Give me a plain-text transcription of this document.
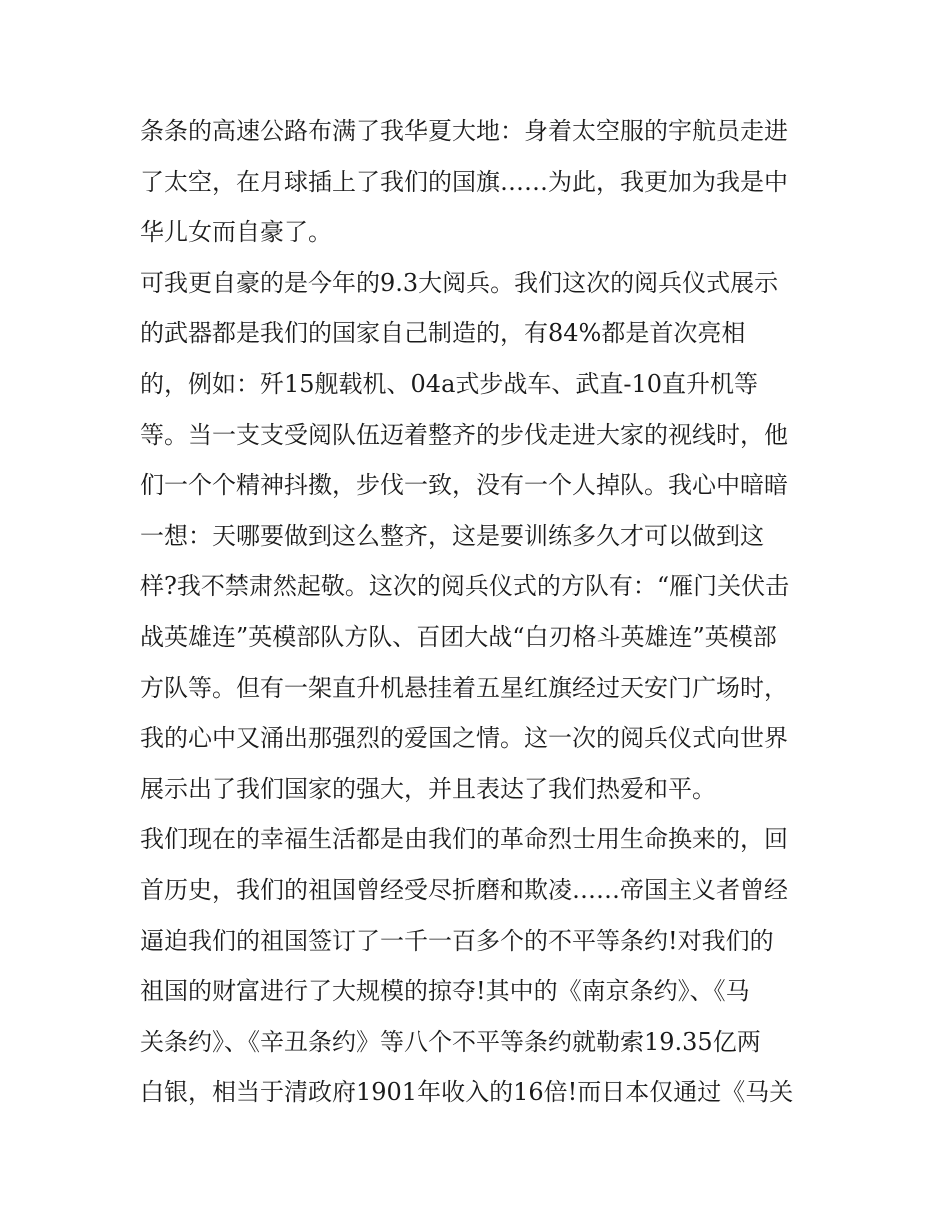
条条的高速公路布满了我华夏大地：身着太空服的宇航员走进
了太空，在月球插上了我们的国旗……为此，我更加为我是中
华儿女而自豪了。
可我更自豪的是今年的9.3大阅兵。我们这次的阅兵仪式展示
的武器都是我们的国家自己制造的，有84%都是首次亮相
的，例如：歼15舰载机、04a式步战车、武直-10直升机等
等。当一支支受阅队伍迈着整齐的步伐走进大家的视线时，他
们一个个精神抖擞，步伐一致，没有一个人掉队。我心中暗暗
一想：天哪要做到这么整齐，这是要训练多久才可以做到这
样?我不禁肃然起敬。这次的阅兵仪式的方队有：“雁门关伏击
战英雄连”英模部队方队、百团大战“白刃格斗英雄连”英模部
方队等。但有一架直升机悬挂着五星红旗经过天安门广场时，
我的心中又涌出那强烈的爱国之情。这一次的阅兵仪式向世界
展示出了我们国家的强大，并且表达了我们热爱和平。
我们现在的幸福生活都是由我们的革命烈士用生命换来的，回
首历史，我们的祖国曾经受尽折磨和欺凌……帝国主义者曾经
逼迫我们的祖国签订了一千一百多个的不平等条约!对我们的
祖国的财富进行了大规模的掠夺!其中的《南京条约》、《马
关条约》、《辛丑条约》等八个不平等条约就勒索19.35亿两
白银，相当于清政府1901年收入的16倍!而日本仅通过《马关
